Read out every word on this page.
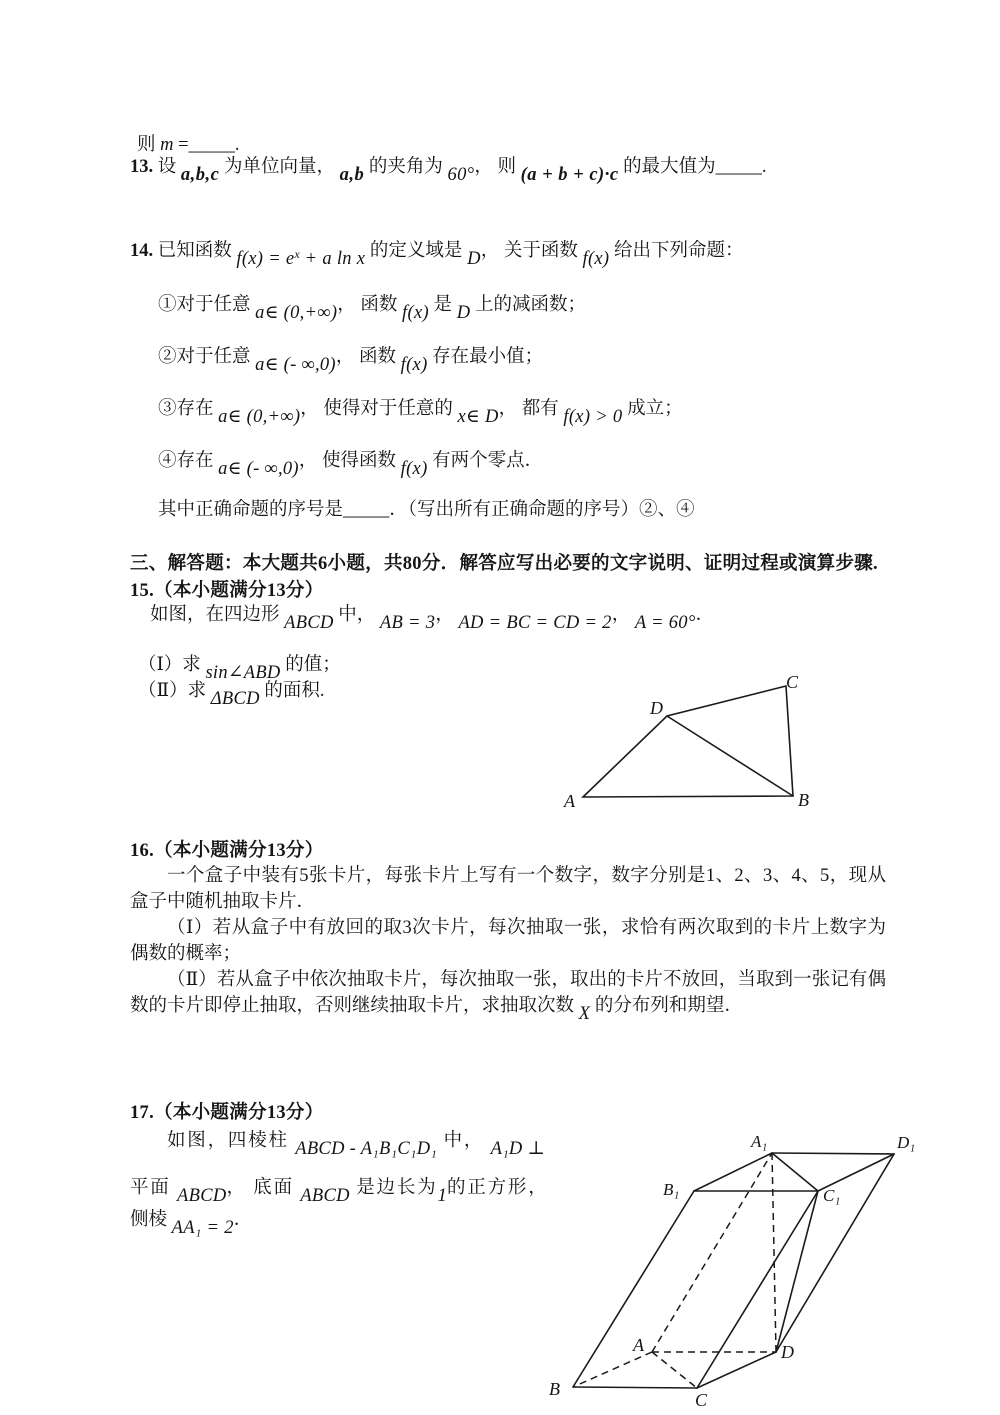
则 m =_____.
13. 设 a,b,c 为单位向量， a,b 的夹角为 60°， 则 (a + b + c)·c 的最大值为_____.
14. 已知函数 f(x) = ex + a ln x 的定义域是 D， 关于函数 f(x) 给出下列命题：
①对于任意 a∈ (0,+∞)， 函数 f(x) 是 D 上的减函数；
②对于任意 a∈ (- ∞,0)， 函数 f(x) 存在最小值；
③存在 a∈ (0,+∞)， 使得对于任意的 x∈ D， 都有 f(x) > 0 成立；
④存在 a∈ (- ∞,0)， 使得函数 f(x) 有两个零点．
其中正确命题的序号是_____．（写出所有正确命题的序号）②、④
三、解答题：本大题共6小题，共80分．解答应写出必要的文字说明、证明过程或演算步骤.
15.（本小题满分13分）
如图，在四边形 ABCD 中， AB = 3， AD = BC = CD = 2， A = 60°．
（Ⅰ）求 sin∠ABD 的值；
（Ⅱ）求 ΔBCD 的面积.
A	B
C
D
16.（本小题满分13分）

一个盒子中装有5张卡片，每张卡片上写有一个数字，数字分别是1、2、3、4、5，现从盒子中随机抽取卡片．

（Ⅰ）若从盒子中有放回的取3次卡片，每次抽取一张，求恰有两次取到的卡片上数字为偶数的概率；

（Ⅱ）若从盒子中依次抽取卡片，每次抽取一张，取出的卡片不放回，当取到一张记有偶数的卡片即停止抽取，否则继续抽取卡片，求抽取次数 X 的分布列和期望．

17.（本小题满分13分）
如图，四棱柱 ABCD - A₁B₁C₁D₁ 中， A₁D ⊥
平面 ABCD， 底面 ABCD 是边长为1的正方形，
侧棱 AA₁ = 2．
A₁	D₁
B₁	C₁
A	D
B
C
